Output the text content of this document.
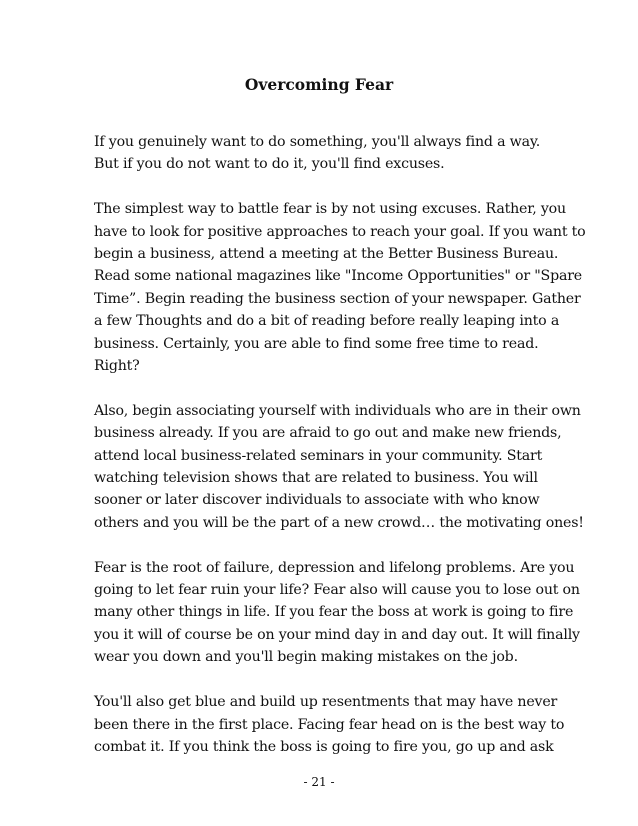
Overcoming Fear

If you genuinely want to do something, you'll always find a way.
But if you do not want to do it, you'll find excuses.

The simplest way to battle fear is by not using excuses. Rather, you
have to look for positive approaches to reach your goal. If you want to
begin a business, attend a meeting at the Better Business Bureau.
Read some national magazines like "Income Opportunities" or "Spare
Time”. Begin reading the business section of your newspaper. Gather
a few Thoughts and do a bit of reading before really leaping into a
business. Certainly, you are able to find some free time to read.
Right?

Also, begin associating yourself with individuals who are in their own
business already. If you are afraid to go out and make new friends,
attend local business-related seminars in your community. Start
watching television shows that are related to business. You will
sooner or later discover individuals to associate with who know
others and you will be the part of a new crowd… the motivating ones!

Fear is the root of failure, depression and lifelong problems. Are you
going to let fear ruin your life? Fear also will cause you to lose out on
many other things in life. If you fear the boss at work is going to fire
you it will of course be on your mind day in and day out. It will finally
wear you down and you'll begin making mistakes on the job.

You'll also get blue and build up resentments that may have never
been there in the first place. Facing fear head on is the best way to
combat it. If you think the boss is going to fire you, go up and ask

- 21 -
